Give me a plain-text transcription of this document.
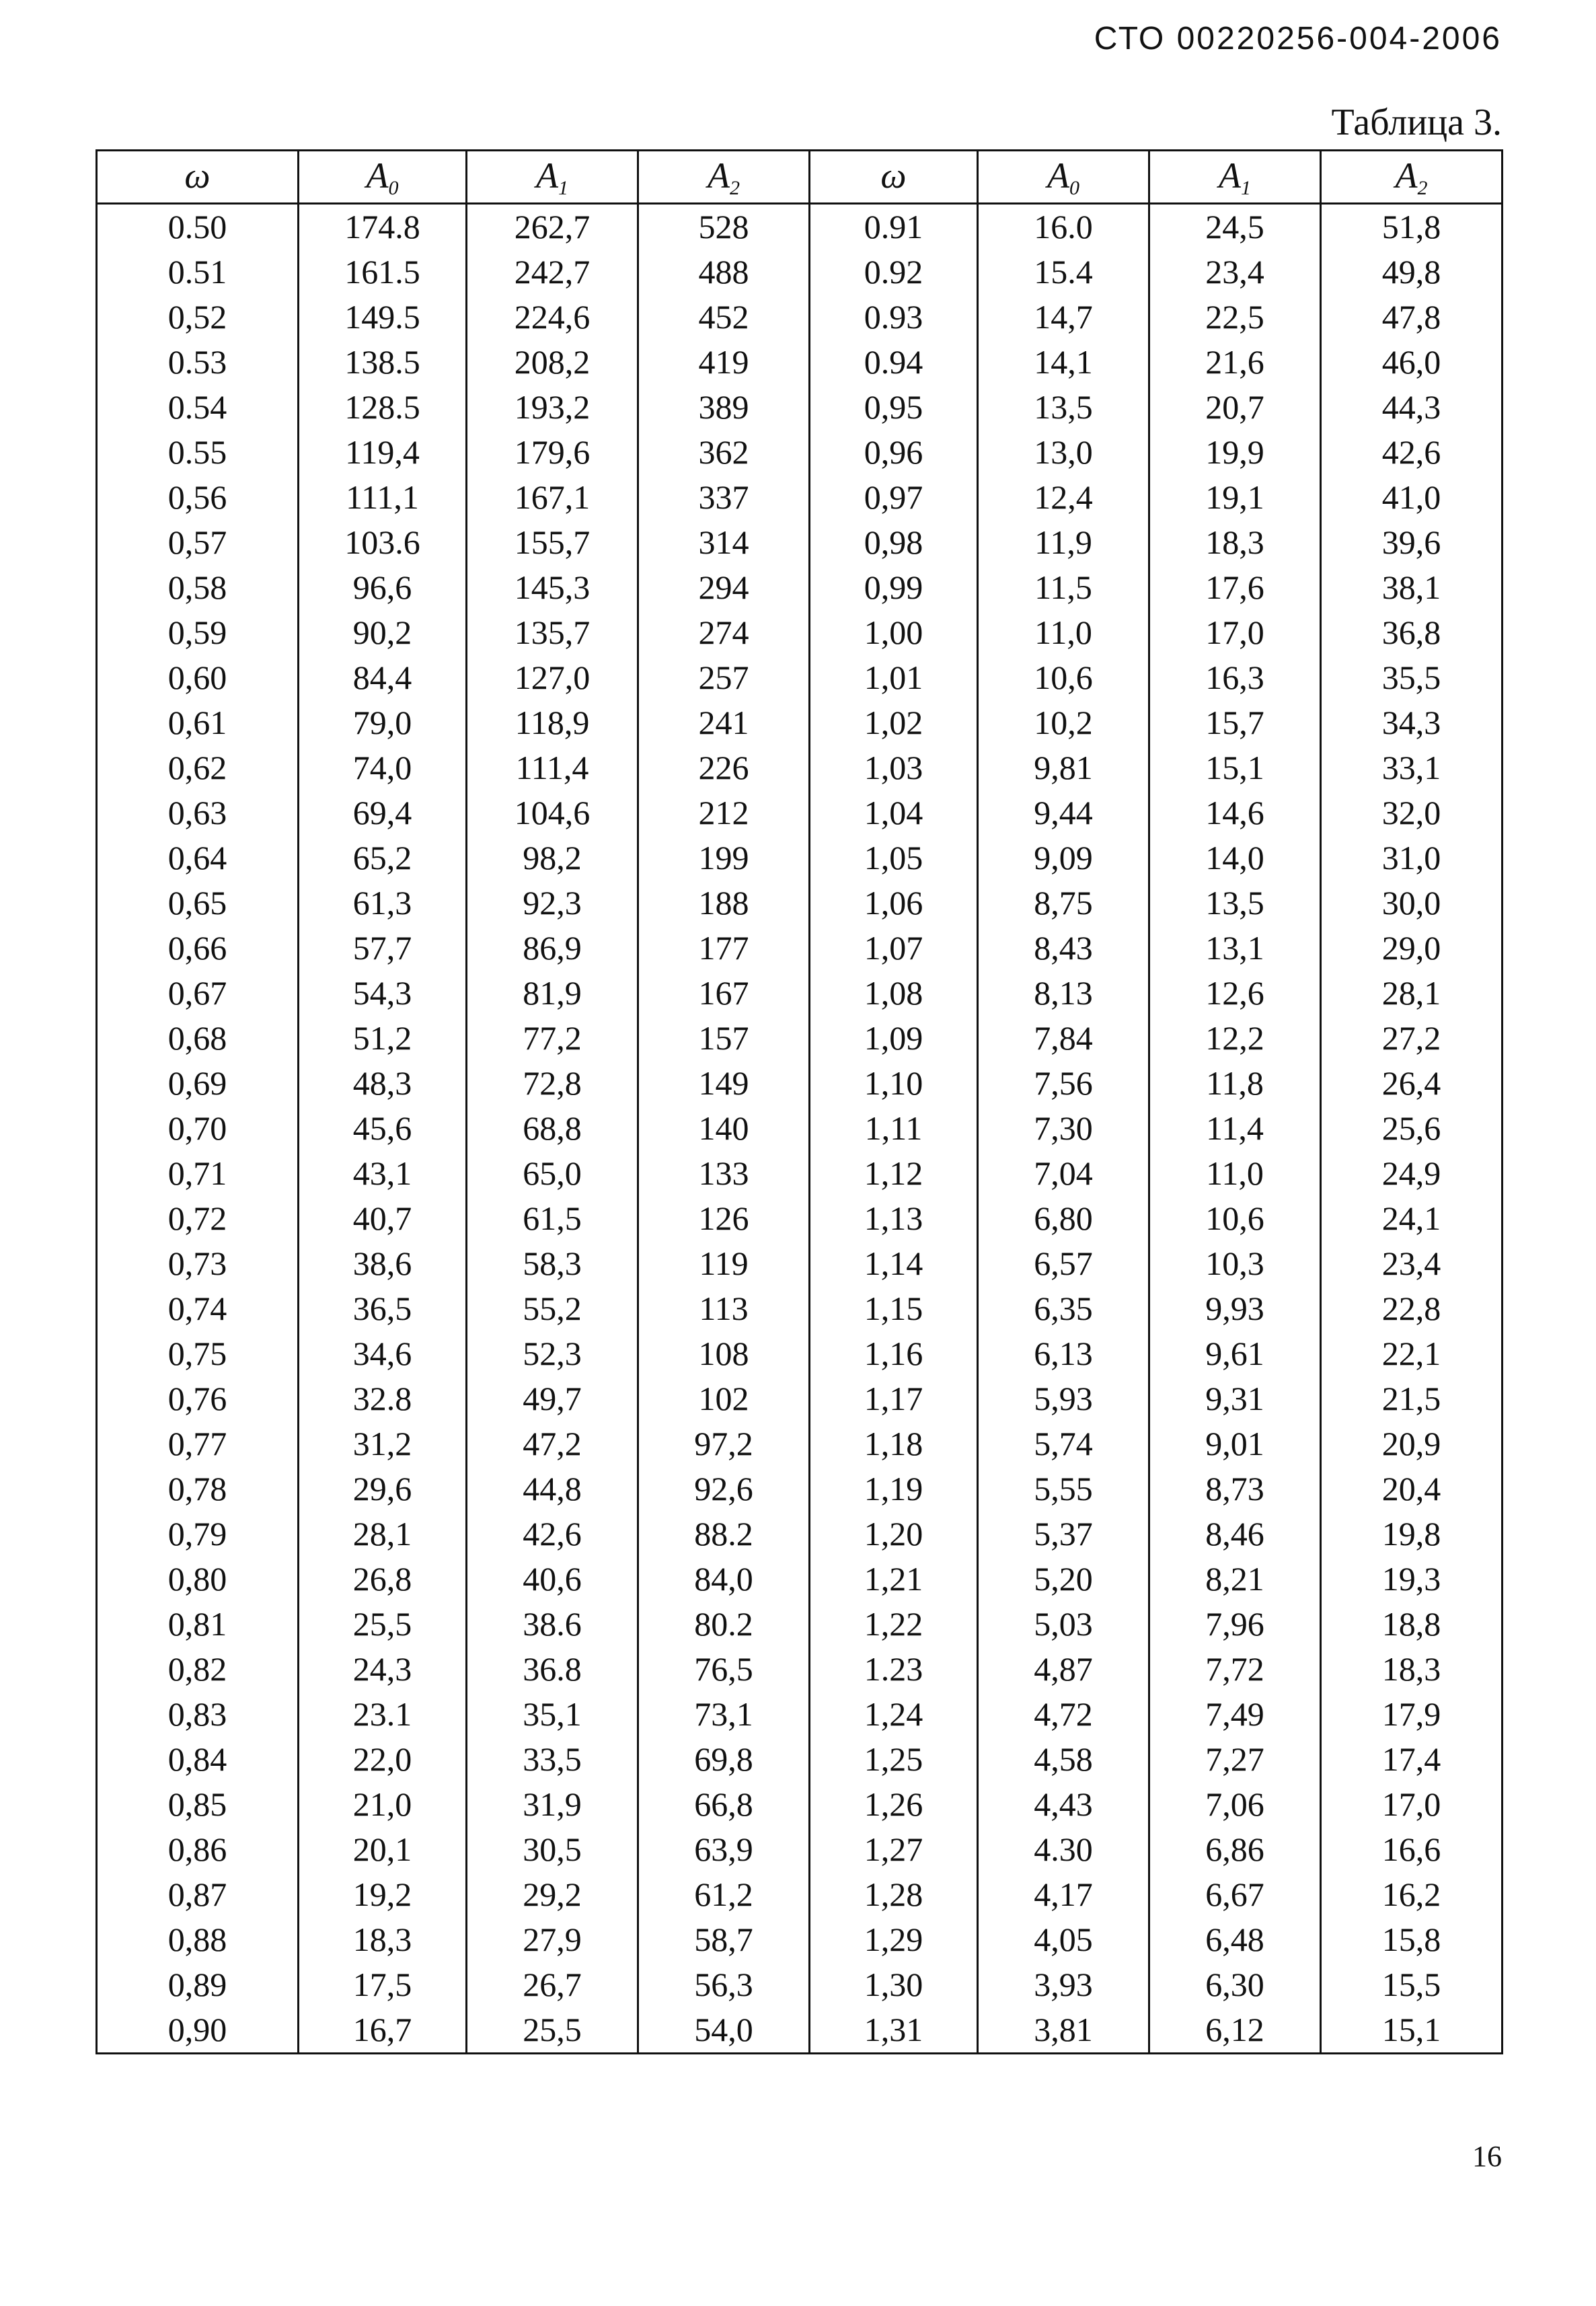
СТО 00220256-004-2006
Таблица 3.
ω	$A_0$	$A_1$	$A_2$	ω	$A_0$	$A_1$	$A_2$
0.50	174.8	262,7	528	0.91	16.0	24,5	51,8
0.51	161.5	242,7	488	0.92	15.4	23,4	49,8
0,52	149.5	224,6	452	0.93	14,7	22,5	47,8
0.53	138.5	208,2	419	0.94	14,1	21,6	46,0
0.54	128.5	193,2	389	0,95	13,5	20,7	44,3
0.55	119,4	179,6	362	0,96	13,0	19,9	42,6
0,56	111,1	167,1	337	0,97	12,4	19,1	41,0
0,57	103.6	155,7	314	0,98	11,9	18,3	39,6
0,58	96,6	145,3	294	0,99	11,5	17,6	38,1
0,59	90,2	135,7	274	1,00	11,0	17,0	36,8
0,60	84,4	127,0	257	1,01	10,6	16,3	35,5
0,61	79,0	118,9	241	1,02	10,2	15,7	34,3
0,62	74,0	111,4	226	1,03	9,81	15,1	33,1
0,63	69,4	104,6	212	1,04	9,44	14,6	32,0
0,64	65,2	98,2	199	1,05	9,09	14,0	31,0
0,65	61,3	92,3	188	1,06	8,75	13,5	30,0
0,66	57,7	86,9	177	1,07	8,43	13,1	29,0
0,67	54,3	81,9	167	1,08	8,13	12,6	28,1
0,68	51,2	77,2	157	1,09	7,84	12,2	27,2
0,69	48,3	72,8	149	1,10	7,56	11,8	26,4
0,70	45,6	68,8	140	1,11	7,30	11,4	25,6
0,71	43,1	65,0	133	1,12	7,04	11,0	24,9
0,72	40,7	61,5	126	1,13	6,80	10,6	24,1
0,73	38,6	58,3	119	1,14	6,57	10,3	23,4
0,74	36,5	55,2	113	1,15	6,35	9,93	22,8
0,75	34,6	52,3	108	1,16	6,13	9,61	22,1
0,76	32.8	49,7	102	1,17	5,93	9,31	21,5
0,77	31,2	47,2	97,2	1,18	5,74	9,01	20,9
0,78	29,6	44,8	92,6	1,19	5,55	8,73	20,4
0,79	28,1	42,6	88.2	1,20	5,37	8,46	19,8
0,80	26,8	40,6	84,0	1,21	5,20	8,21	19,3
0,81	25,5	38.6	80.2	1,22	5,03	7,96	18,8
0,82	24,3	36.8	76,5	1.23	4,87	7,72	18,3
0,83	23.1	35,1	73,1	1,24	4,72	7,49	17,9
0,84	22,0	33,5	69,8	1,25	4,58	7,27	17,4
0,85	21,0	31,9	66,8	1,26	4,43	7,06	17,0
0,86	20,1	30,5	63,9	1,27	4.30	6,86	16,6
0,87	19,2	29,2	61,2	1,28	4,17	6,67	16,2
0,88	18,3	27,9	58,7	1,29	4,05	6,48	15,8
0,89	17,5	26,7	56,3	1,30	3,93	6,30	15,5
0,90	16,7	25,5	54,0	1,31	3,81	6,12	15,1
16
